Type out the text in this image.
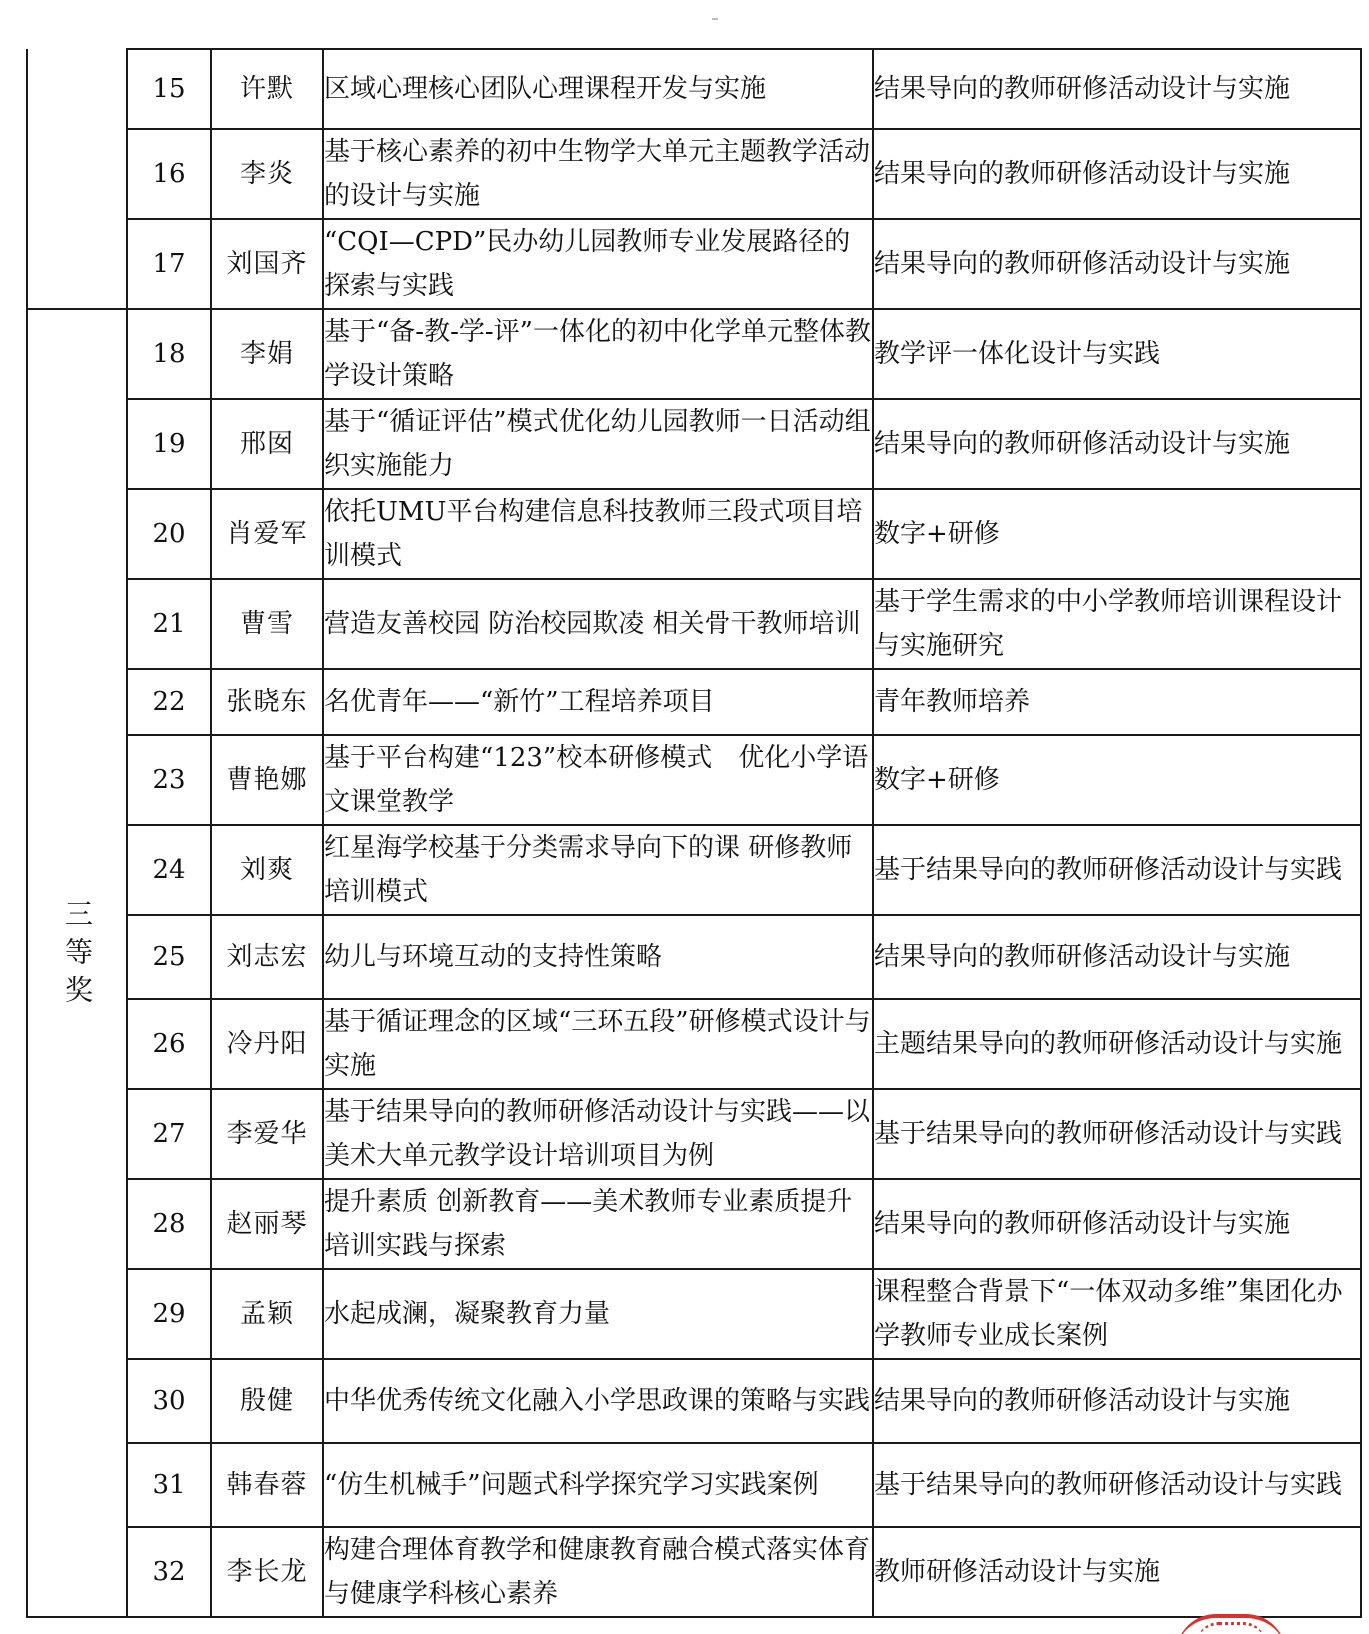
	15	许默	区域心理核心团队心理课程开发与实施	结果导向的教师研修活动设计与实施
	16	李炎	基于核心素养的初中生物学大单元主题教学活动的设计与实施	结果导向的教师研修活动设计与实施
	17	刘国齐	“CQI—CPD”民办幼儿园教师专业发展路径的探索与实践	结果导向的教师研修活动设计与实施
三等奖	18	李娟	基于“备-教-学-评”一体化的初中化学单元整体教学设计策略	教学评一体化设计与实践
	19	邢囡	基于“循证评估”模式优化幼儿园教师一日活动组织实施能力	结果导向的教师研修活动设计与实施
	20	肖爱军	依托UMU平台构建信息科技教师三段式项目培训模式	数字+研修
	21	曹雪	营造友善校园 防治校园欺凌 相关骨干教师培训	基于学生需求的中小学教师培训课程设计与实施研究
	22	张晓东	名优青年——“新竹”工程培养项目	青年教师培养
	23	曹艳娜	基于平台构建“123”校本研修模式　优化小学语文课堂教学	数字+研修
	24	刘爽	红星海学校基于分类需求导向下的课 研修教师培训模式	基于结果导向的教师研修活动设计与实践
	25	刘志宏	幼儿与环境互动的支持性策略	结果导向的教师研修活动设计与实施
	26	冷丹阳	基于循证理念的区域“三环五段”研修模式设计与实施	主题结果导向的教师研修活动设计与实施
	27	李爱华	基于结果导向的教师研修活动设计与实践——以美术大单元教学设计培训项目为例	基于结果导向的教师研修活动设计与实践
	28	赵丽琴	提升素质 创新教育——美术教师专业素质提升培训实践与探索	结果导向的教师研修活动设计与实施
	29	孟颖	水起成澜，凝聚教育力量	课程整合背景下“一体双动多维”集团化办学教师专业成长案例
	30	殷健	中华优秀传统文化融入小学思政课的策略与实践	结果导向的教师研修活动设计与实施
	31	韩春蓉	“仿生机械手”问题式科学探究学习实践案例	基于结果导向的教师研修活动设计与实践
	32	李长龙	构建合理体育教学和健康教育融合模式落实体育与健康学科核心素养	教师研修活动设计与实施
